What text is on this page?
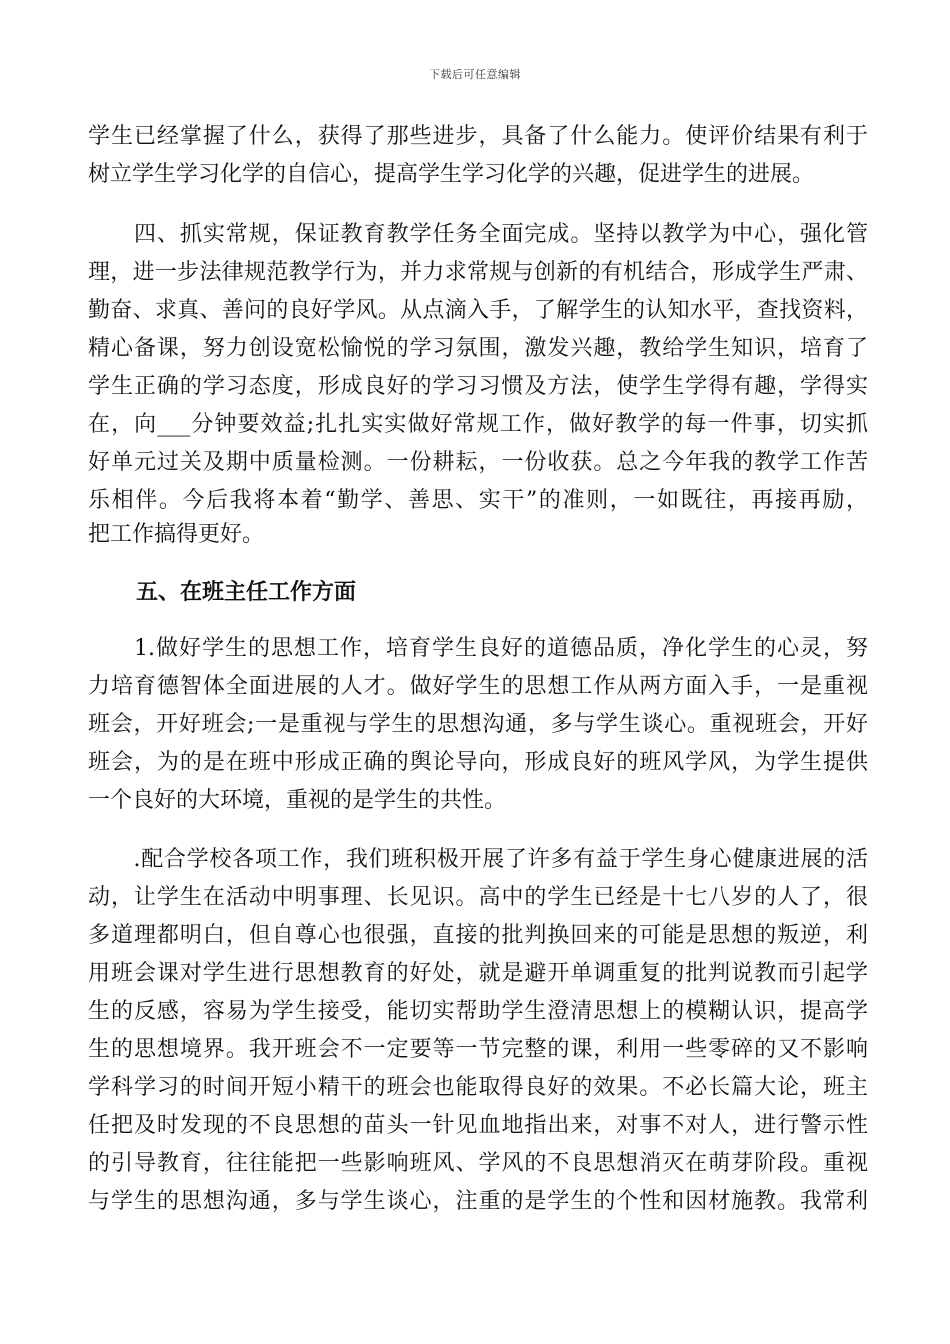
下载后可任意编辑
学生已经掌握了什么，获得了那些进步，具备了什么能力。使评价结果有利于
树立学生学习化学的自信心，提高学生学习化学的兴趣，促进学生的进展。
　　四、抓实常规，保证教育教学任务全面完成。坚持以教学为中心，强化管
理，进一步法律规范教学行为，并力求常规与创新的有机结合，形成学生严肃、
勤奋、求真、善问的良好学风。从点滴入手，了解学生的认知水平，查找资料，
精心备课，努力创设宽松愉悦的学习氛围，激发兴趣，教给学生知识，培育了
学生正确的学习态度，形成良好的学习习惯及方法，使学生学得有趣，学得实
在，向___分钟要效益;扎扎实实做好常规工作，做好教学的每一件事，切实抓
好单元过关及期中质量检测。一份耕耘，一份收获。总之今年我的教学工作苦
乐相伴。今后我将本着“勤学、善思、实干”的准则，一如既往，再接再励，
把工作搞得更好。
五、在班主任工作方面
　　1.做好学生的思想工作，培育学生良好的道德品质，净化学生的心灵，努
力培育德智体全面进展的人才。做好学生的思想工作从两方面入手，一是重视
班会，开好班会;一是重视与学生的思想沟通，多与学生谈心。重视班会，开好
班会，为的是在班中形成正确的舆论导向，形成良好的班风学风，为学生提供
一个良好的大环境，重视的是学生的共性。
　　.配合学校各项工作，我们班积极开展了许多有益于学生身心健康进展的活
动，让学生在活动中明事理、长见识。高中的学生已经是十七八岁的人了，很
多道理都明白，但自尊心也很强，直接的批判换回来的可能是思想的叛逆，利
用班会课对学生进行思想教育的好处，就是避开单调重复的批判说教而引起学
生的反感，容易为学生接受，能切实帮助学生澄清思想上的模糊认识，提高学
生的思想境界。我开班会不一定要等一节完整的课，利用一些零碎的又不影响
学科学习的时间开短小精干的班会也能取得良好的效果。不必长篇大论，班主
任把及时发现的不良思想的苗头一针见血地指出来，对事不对人，进行警示性
的引导教育，往往能把一些影响班风、学风的不良思想消灭在萌芽阶段。重视
与学生的思想沟通，多与学生谈心，注重的是学生的个性和因材施教。我常利
